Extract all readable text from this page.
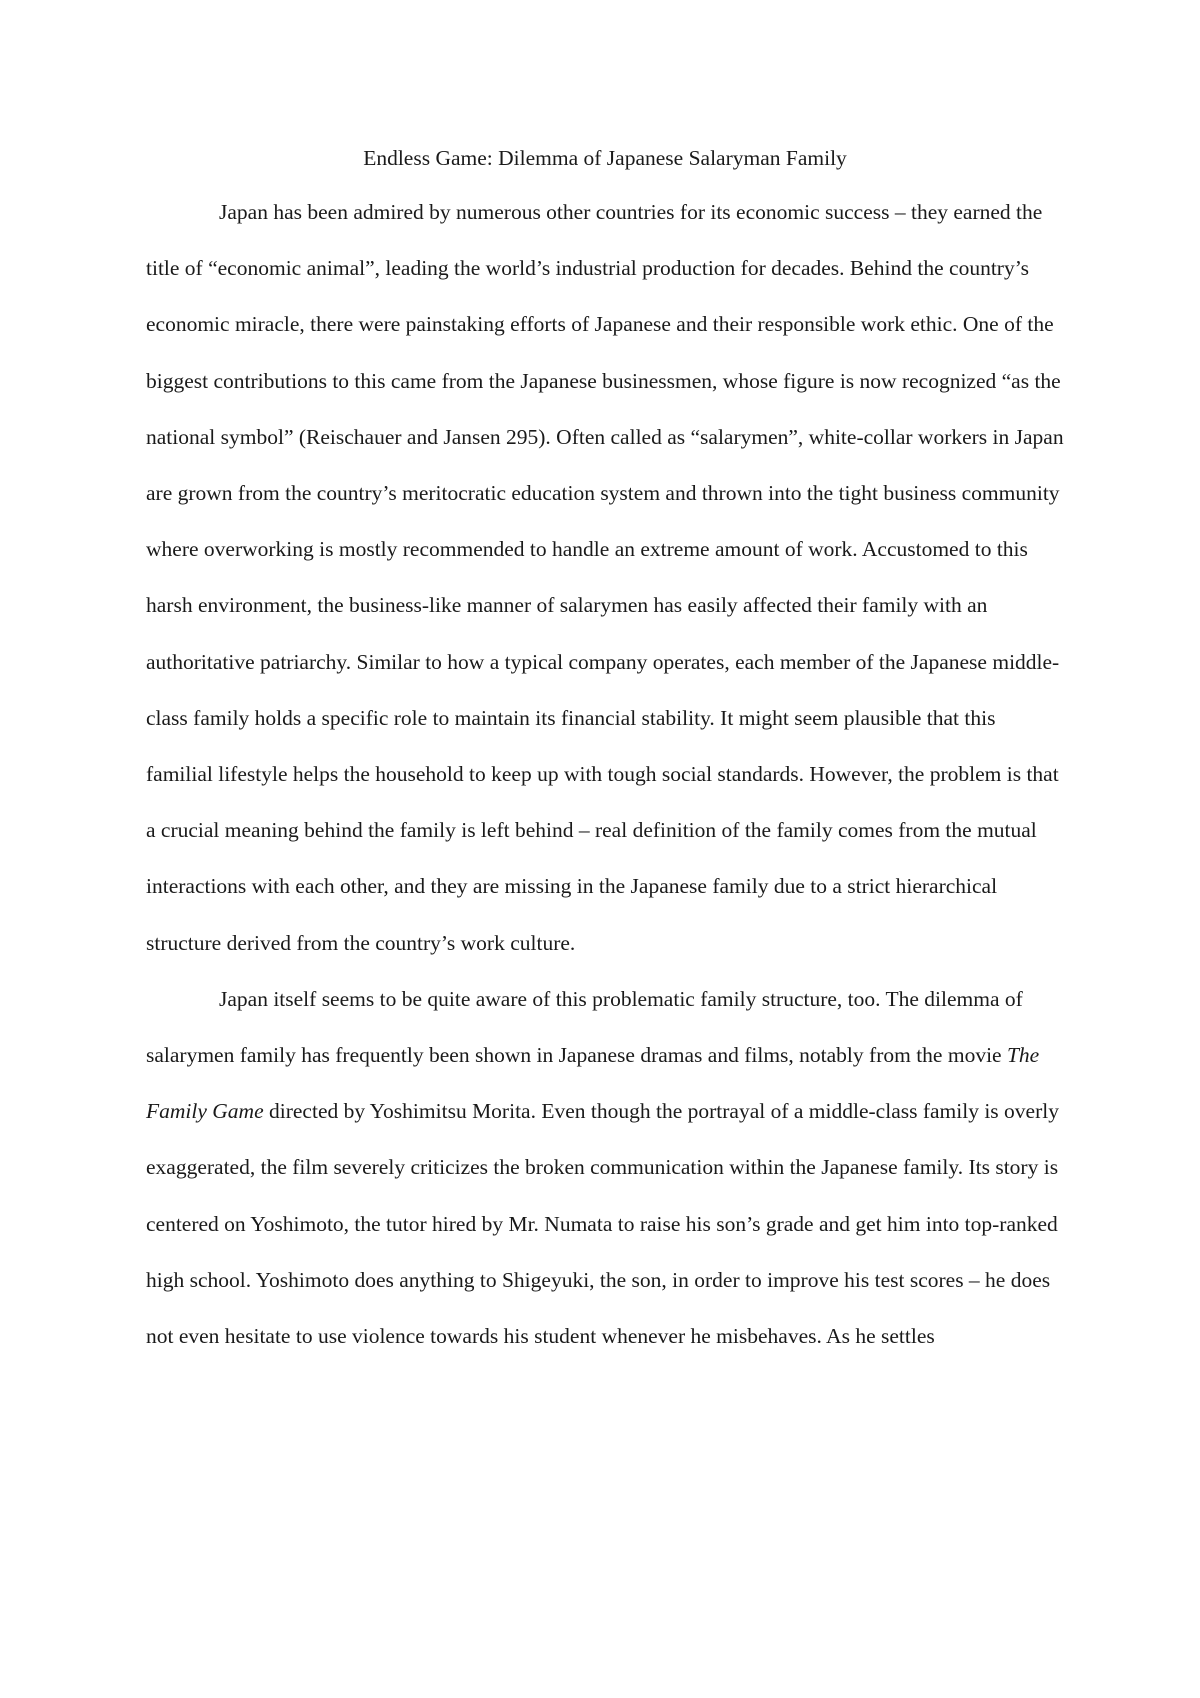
Endless Game: Dilemma of Japanese Salaryman Family

Japan has been admired by numerous other countries for its economic success – they earned the title of “economic animal”, leading the world’s industrial production for decades. Behind the country’s economic miracle, there were painstaking efforts of Japanese and their responsible work ethic. One of the biggest contributions to this came from the Japanese businessmen, whose figure is now recognized “as the national symbol” (Reischauer and Jansen 295). Often called as “salarymen”, white-collar workers in Japan are grown from the country’s meritocratic education system and thrown into the tight business community where overworking is mostly recommended to handle an extreme amount of work. Accustomed to this harsh environment, the business-like manner of salarymen has easily affected their family with an authoritative patriarchy. Similar to how a typical company operates, each member of the Japanese middle-class family holds a specific role to maintain its financial stability. It might seem plausible that this familial lifestyle helps the household to keep up with tough social standards. However, the problem is that a crucial meaning behind the family is left behind – real definition of the family comes from the mutual interactions with each other, and they are missing in the Japanese family due to a strict hierarchical structure derived from the country’s work culture.

Japan itself seems to be quite aware of this problematic family structure, too. The dilemma of salarymen family has frequently been shown in Japanese dramas and films, notably from the movie The Family Game directed by Yoshimitsu Morita. Even though the portrayal of a middle-class family is overly exaggerated, the film severely criticizes the broken communication within the Japanese family. Its story is centered on Yoshimoto, the tutor hired by Mr. Numata to raise his son’s grade and get him into top-ranked high school. Yoshimoto does anything to Shigeyuki, the son, in order to improve his test scores – he does not even hesitate to use violence towards his student whenever he misbehaves. As he settles
